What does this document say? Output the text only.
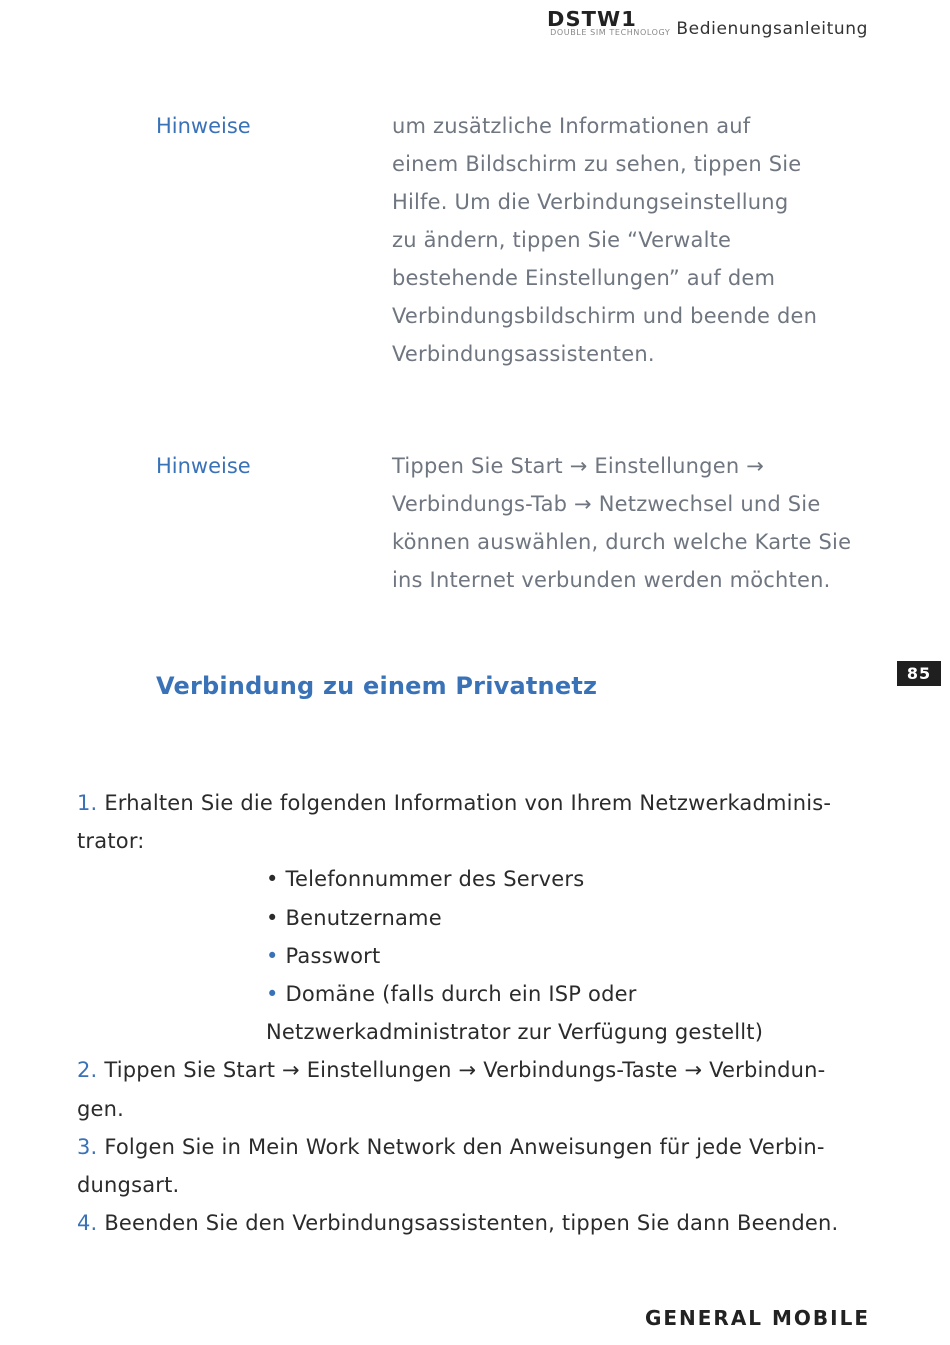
DSTW1
DOUBLE SIM TECHNOLOGY Bedienungsanleitung
Hinweise	um zusätzliche Informationen auf
einem Bildschirm zu sehen, tippen Sie
Hilfe. Um die Verbindungseinstellung
zu ändern, tippen Sie “Verwalte
bestehende Einstellungen” auf dem
Verbindungsbildschirm und beende den
Verbindungsassistenten.
Hinweise	Tippen Sie Start → Einstellungen →
Verbindungs-Tab → Netzwechsel und Sie
können auswählen, durch welche Karte Sie
ins Internet verbunden werden möchten.
Verbindung zu einem Privatnetz	85
1. Erhalten Sie die folgenden Information von Ihrem Netzwerkadminis-
trator:
• Telefonnummer des Servers
• Benutzername
• Passwort
• Domäne (falls durch ein ISP oder
Netzwerkadministrator zur Verfügung gestellt)
2. Tippen Sie Start → Einstellungen → Verbindungs-Taste → Verbindun-
gen.
3. Folgen Sie in Mein Work Network den Anweisungen für jede Verbin-
dungsart.
4. Beenden Sie den Verbindungsassistenten, tippen Sie dann Beenden.
GENERAL MOBILE
